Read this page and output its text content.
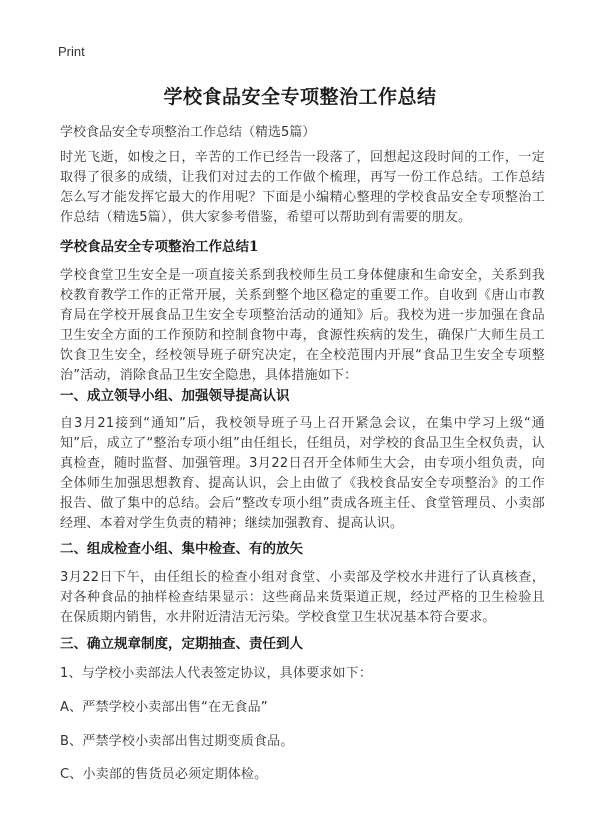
Print
学校食品安全专项整治工作总结
学校食品安全专项整治工作总结（精选5篇）

时光飞逝，如梭之日，辛苦的工作已经告一段落了，回想起这段时间的工作，一定取得了很多的成绩，让我们对过去的工作做个梳理，再写一份工作总结。工作总结怎么写才能发挥它最大的作用呢？下面是小编精心整理的学校食品安全专项整治工作总结（精选5篇），供大家参考借鉴，希望可以帮助到有需要的朋友。

学校食品安全专项整治工作总结1

学校食堂卫生安全是一项直接关系到我校师生员工身体健康和生命安全，关系到我校教育教学工作的正常开展，关系到整个地区稳定的重要工作。自收到《唐山市教育局在学校开展食品卫生安全专项整治活动的通知》后。我校为进一步加强在食品卫生安全方面的工作预防和控制食物中毒，食源性疾病的发生，确保广大师生员工饮食卫生安全，经校领导班子研究决定，在全校范围内开展“食品卫生安全专项整治”活动，消除食品卫生安全隐患，具体措施如下：

一、成立领导小组、加强领导提高认识

自3月21接到“通知”后，我校领导班子马上召开紧急会议，在集中学习上级“通知”后，成立了“整治专项小组”由任组长，任组员，对学校的食品卫生全权负责，认真检查，随时监督、加强管理。3月22日召开全体师生大会，由专项小组负责，向全体师生加强思想教育、提高认识，会上由做了《我校食品安全专项整治》的工作报告、做了集中的总结。会后“整改专项小组”责成各班主任、食堂管理员、小卖部经理、本着对学生负责的精神；继续加强教育、提高认识。

二、组成检查小组、集中检查、有的放矢

3月22日下午，由任组长的检查小组对食堂、小卖部及学校水井进行了认真核查，对各种食品的抽样检查结果显示：这些商品来货渠道正规，经过严格的卫生检验且在保质期内销售，水井附近清洁无污染。学校食堂卫生状况基本符合要求。

三、确立规章制度，定期抽查、责任到人

1、与学校小卖部法人代表签定协议，具体要求如下：

A、严禁学校小卖部出售“在无食品”

B、严禁学校小卖部出售过期变质食品。

C、小卖部的售货员必须定期体检。
